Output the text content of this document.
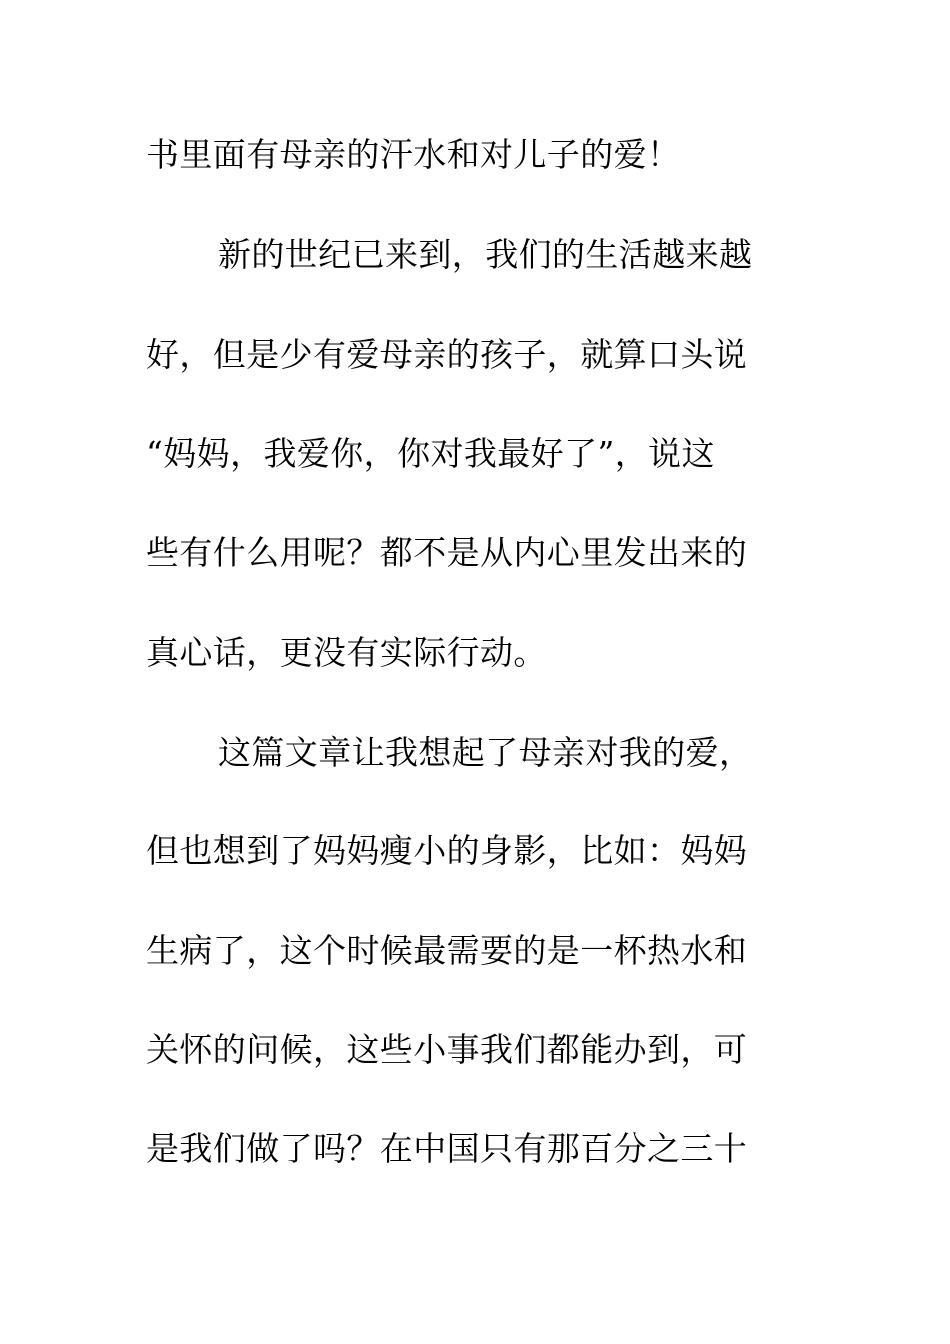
书里面有母亲的汗水和对儿子的爱！
新的世纪已来到，我们的生活越来越
好，但是少有爱母亲的孩子，就算口头说
“妈妈，我爱你，你对我最好了”，说这
些有什么用呢？都不是从内心里发出来的
真心话，更没有实际行动。
这篇文章让我想起了母亲对我的爱，
但也想到了妈妈瘦小的身影，比如：妈妈
生病了，这个时候最需要的是一杯热水和
关怀的问候，这些小事我们都能办到，可
是我们做了吗？在中国只有那百分之三十
